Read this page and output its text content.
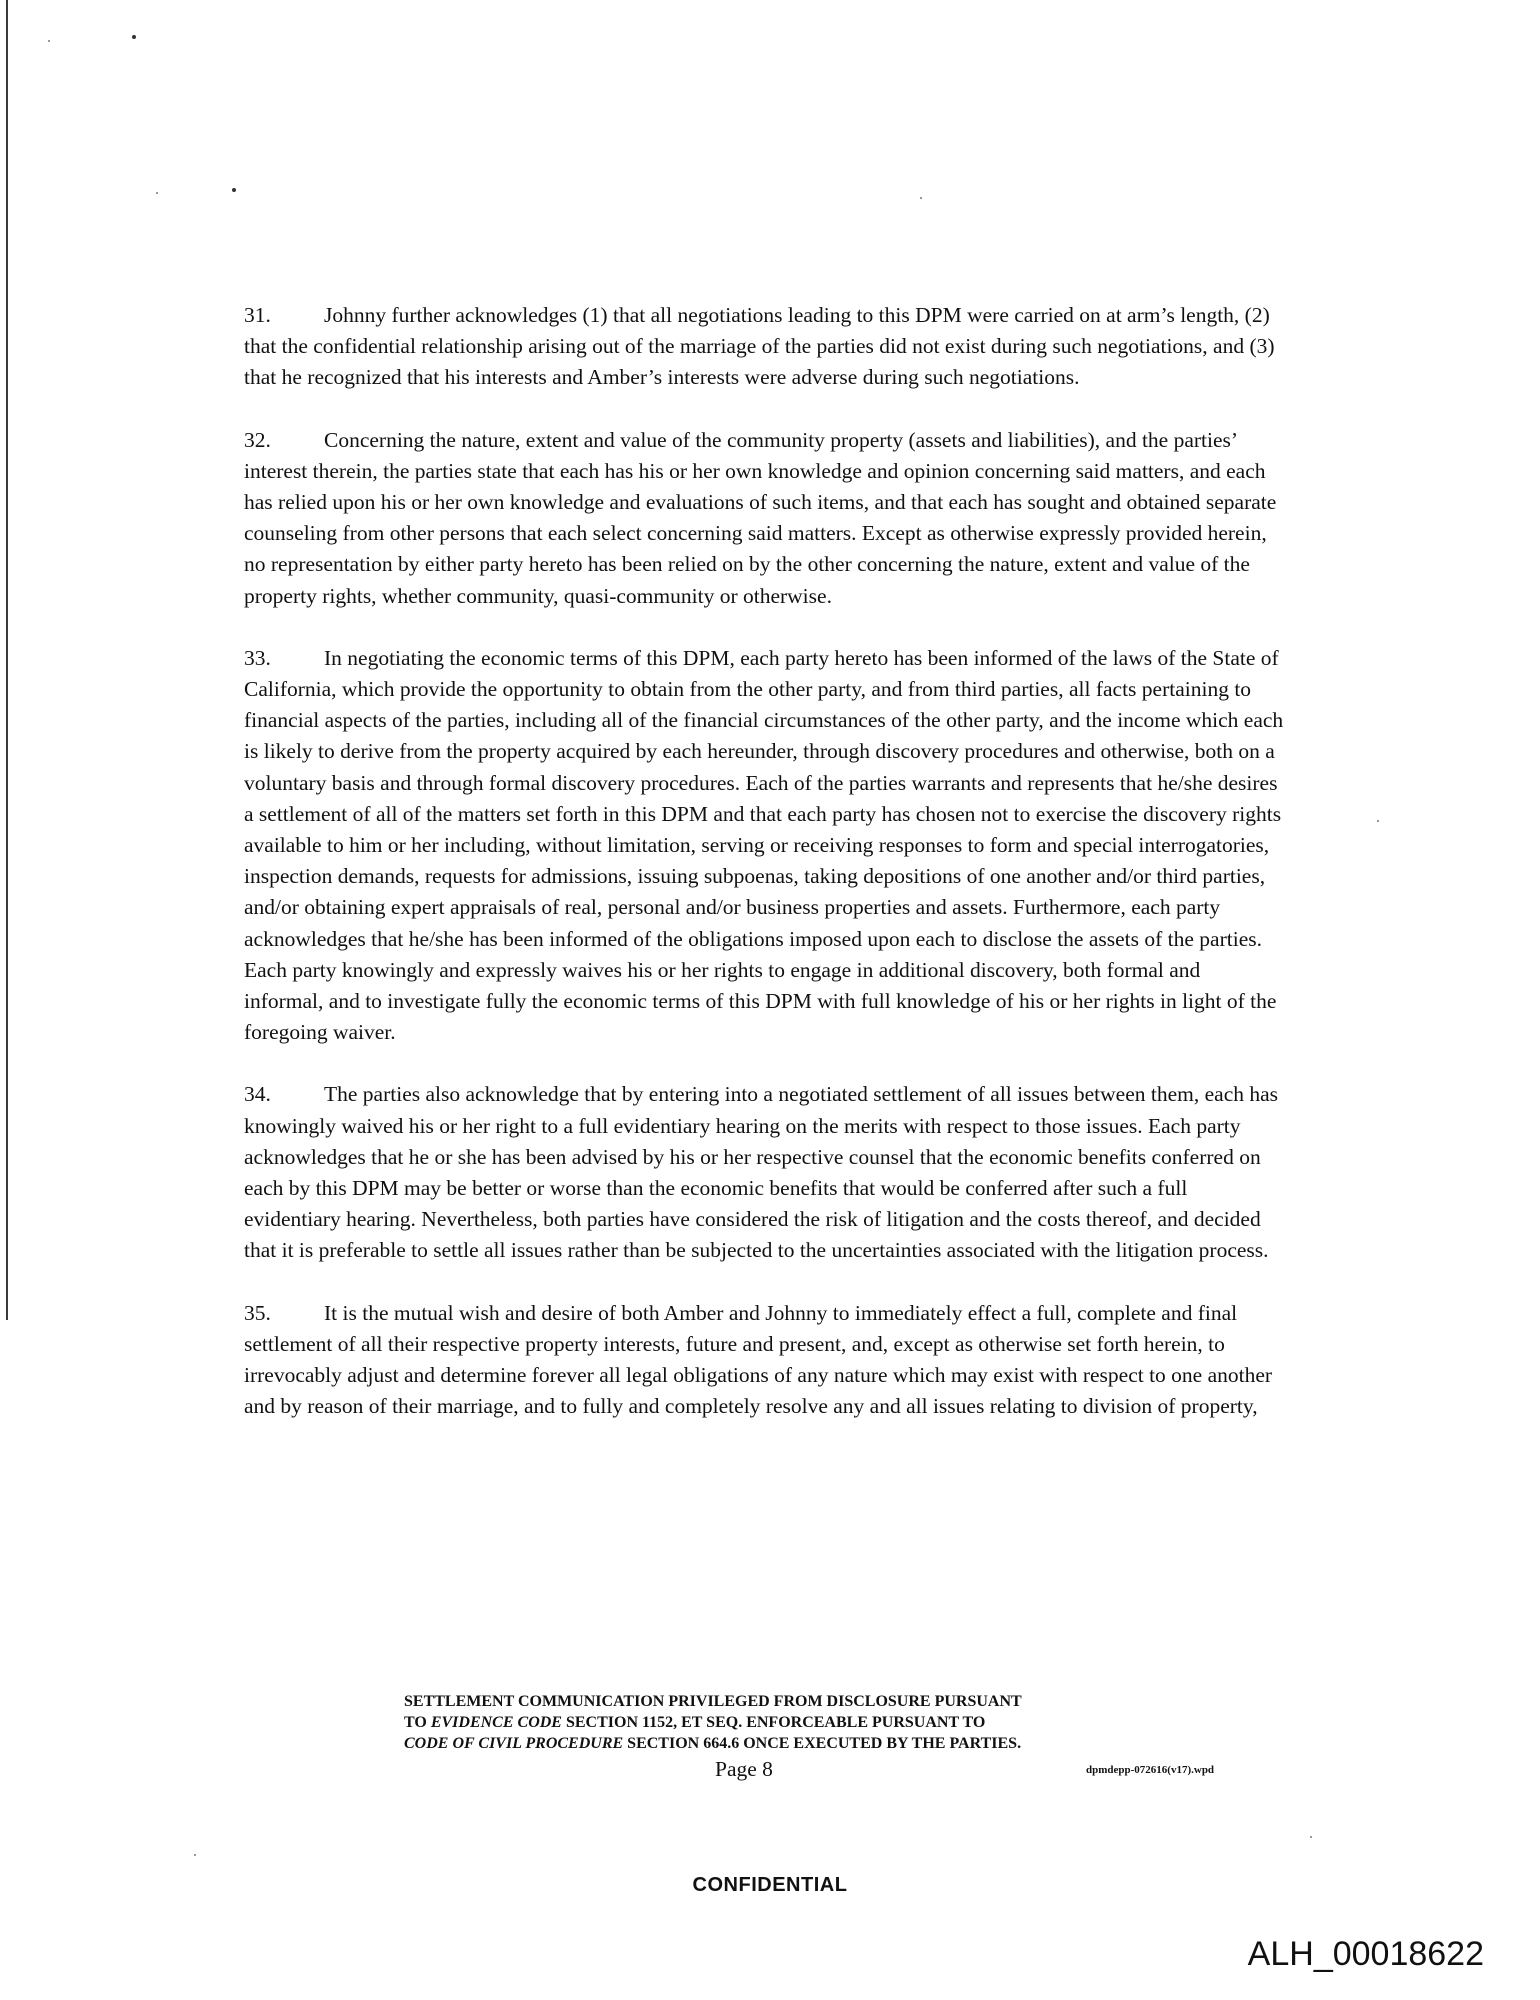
31. Johnny further acknowledges (1) that all negotiations leading to this DPM were carried on at arm’s length, (2) that the confidential relationship arising out of the marriage of the parties did not exist during such negotiations, and (3) that he recognized that his interests and Amber’s interests were adverse during such negotiations.

32. Concerning the nature, extent and value of the community property (assets and liabilities), and the parties’ interest therein, the parties state that each has his or her own knowledge and opinion concerning said matters, and each has relied upon his or her own knowledge and evaluations of such items, and that each has sought and obtained separate counseling from other persons that each select concerning said matters. Except as otherwise expressly provided herein, no representation by either party hereto has been relied on by the other concerning the nature, extent and value of the property rights, whether community, quasi-community or otherwise.

33. In negotiating the economic terms of this DPM, each party hereto has been informed of the laws of the State of California, which provide the opportunity to obtain from the other party, and from third parties, all facts pertaining to financial aspects of the parties, including all of the financial circumstances of the other party, and the income which each is likely to derive from the property acquired by each hereunder, through discovery procedures and otherwise, both on a voluntary basis and through formal discovery procedures. Each of the parties warrants and represents that he/she desires a settlement of all of the matters set forth in this DPM and that each party has chosen not to exercise the discovery rights available to him or her including, without limitation, serving or receiving responses to form and special interrogatories, inspection demands, requests for admissions, issuing subpoenas, taking depositions of one another and/or third parties, and/or obtaining expert appraisals of real, personal and/or business properties and assets. Furthermore, each party acknowledges that he/she has been informed of the obligations imposed upon each to disclose the assets of the parties. Each party knowingly and expressly waives his or her rights to engage in additional discovery, both formal and informal, and to investigate fully the economic terms of this DPM with full knowledge of his or her rights in light of the foregoing waiver.

34. The parties also acknowledge that by entering into a negotiated settlement of all issues between them, each has knowingly waived his or her right to a full evidentiary hearing on the merits with respect to those issues. Each party acknowledges that he or she has been advised by his or her respective counsel that the economic benefits conferred on each by this DPM may be better or worse than the economic benefits that would be conferred after such a full evidentiary hearing. Nevertheless, both parties have considered the risk of litigation and the costs thereof, and decided that it is preferable to settle all issues rather than be subjected to the uncertainties associated with the litigation process.

35. It is the mutual wish and desire of both Amber and Johnny to immediately effect a full, complete and final settlement of all their respective property interests, future and present, and, except as otherwise set forth herein, to irrevocably adjust and determine forever all legal obligations of any nature which may exist with respect to one another and by reason of their marriage, and to fully and completely resolve any and all issues relating to division of property,

SETTLEMENT COMMUNICATION PRIVILEGED FROM DISCLOSURE PURSUANT
TO EVIDENCE CODE SECTION 1152, ET SEQ. ENFORCEABLE PURSUANT TO
CODE OF CIVIL PROCEDURE SECTION 664.6 ONCE EXECUTED BY THE PARTIES.
Page 8	dpmdepp-072616(v17).wpd
CONFIDENTIAL
ALH_00018622
